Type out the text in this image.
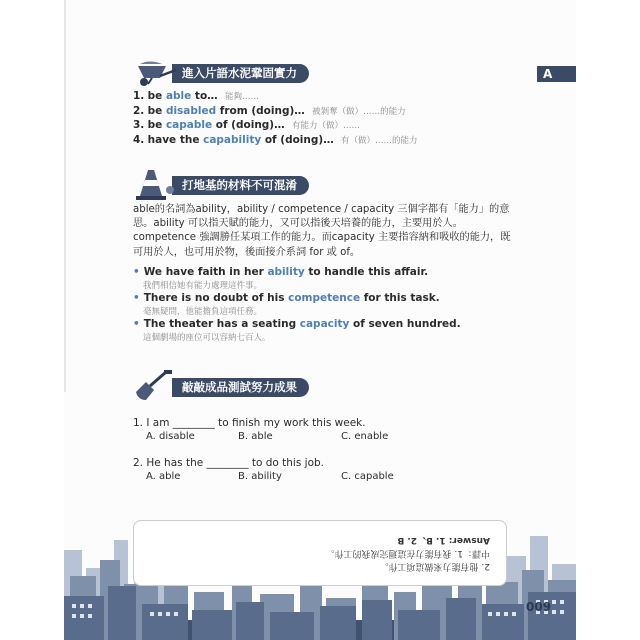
A
進入片語水泥鞏固實力
1. be able to… 能夠……
2. be disabled from (doing)… 被剝奪（做）……的能力
3. be capable of (doing)… 有能力（做）……
4. have the capability of (doing)… 有（做）……的能力
打地基的材料不可混淆
able的名詞為ability，ability / competence / capacity 三個字都有「能力」的意思。ability 可以指天賦的能力，又可以指後天培養的能力，主要用於人。competence 強調勝任某項工作的能力。而capacity 主要指容納和吸收的能力，既可用於人，也可用於物，後面接介系詞 for 或 of。
• We have faith in her ability to handle this affair.
我們相信她有能力處理這件事。
• There is no doubt of his competence for this task.
毫無疑問，他能擔負這項任務。
• The theater has a seating capacity of seven hundred.
這個劇場的座位可以容納七百人。
敲敲成品測試努力成果
1. I am ________ to finish my work this week.
A. disable	B. able	C. enable
2. He has the ________ to do this job.
A. able	B. ability	C. capable
2. 他有能力來做這項工作。
中譯：1. 我有能力在這週完成我的工作。
Answer: 1. B、2. B
009
